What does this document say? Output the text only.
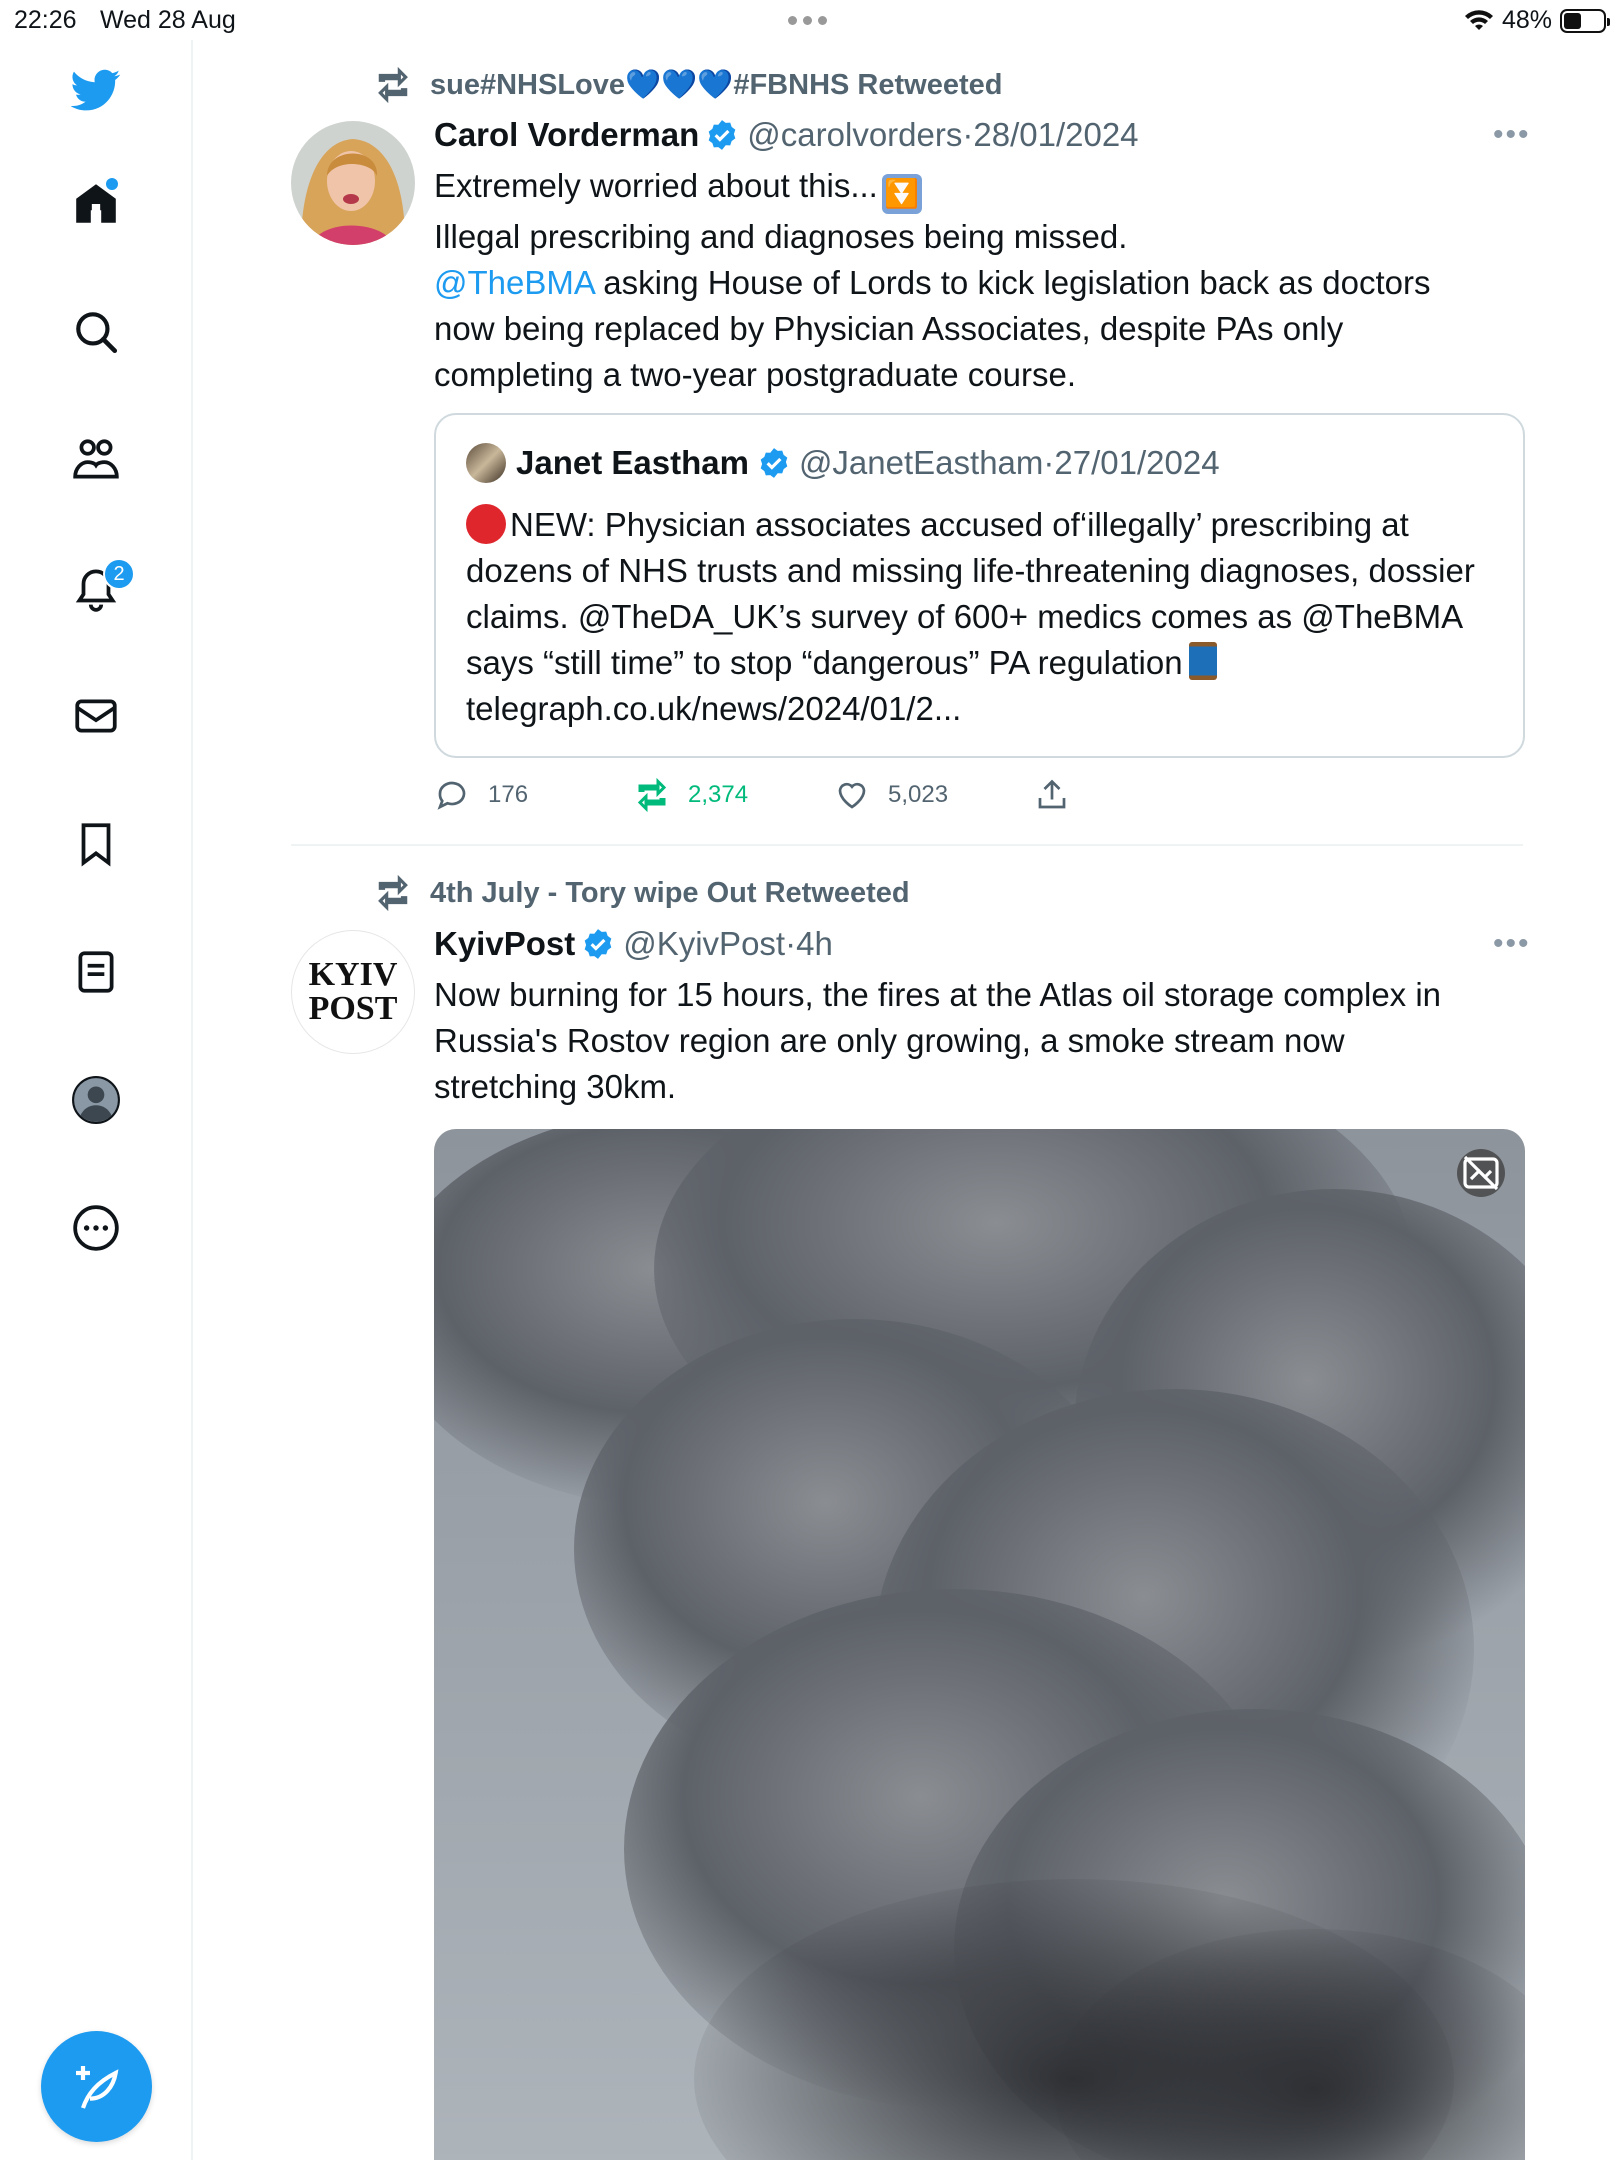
22:26 Wed 28 Aug	48%
2
sue#NHSLove💙💙💙#FBNHS Retweeted
Carol Vorderman @carolvorders · 28/01/2024	•••
Extremely worried about this... ⏬
Illegal prescribing and diagnoses being missed.
@TheBMA asking House of Lords to kick legislation back as doctors now being replaced by Physician Associates, despite PAs only completing a two-year postgraduate course.
Janet Eastham @JanetEastham · 27/01/2024
NEW: Physician associates accused of‘illegally’ prescribing at dozens of NHS trusts and missing life-threatening diagnoses, dossier claims. @TheDA_UK’s survey of 600+ medics comes as @TheBMA says “still time” to stop “dangerous” PA regulation
telegraph.co.uk/news/2024/01/2...
176	2,374	5,023
4th July - Tory wipe Out Retweeted
KYIV
POST
KyivPost @KyivPost · 4h	•••
Now burning for 15 hours, the fires at the Atlas oil storage complex in Russia's Rostov region are only growing, a smoke stream now stretching 30km.
